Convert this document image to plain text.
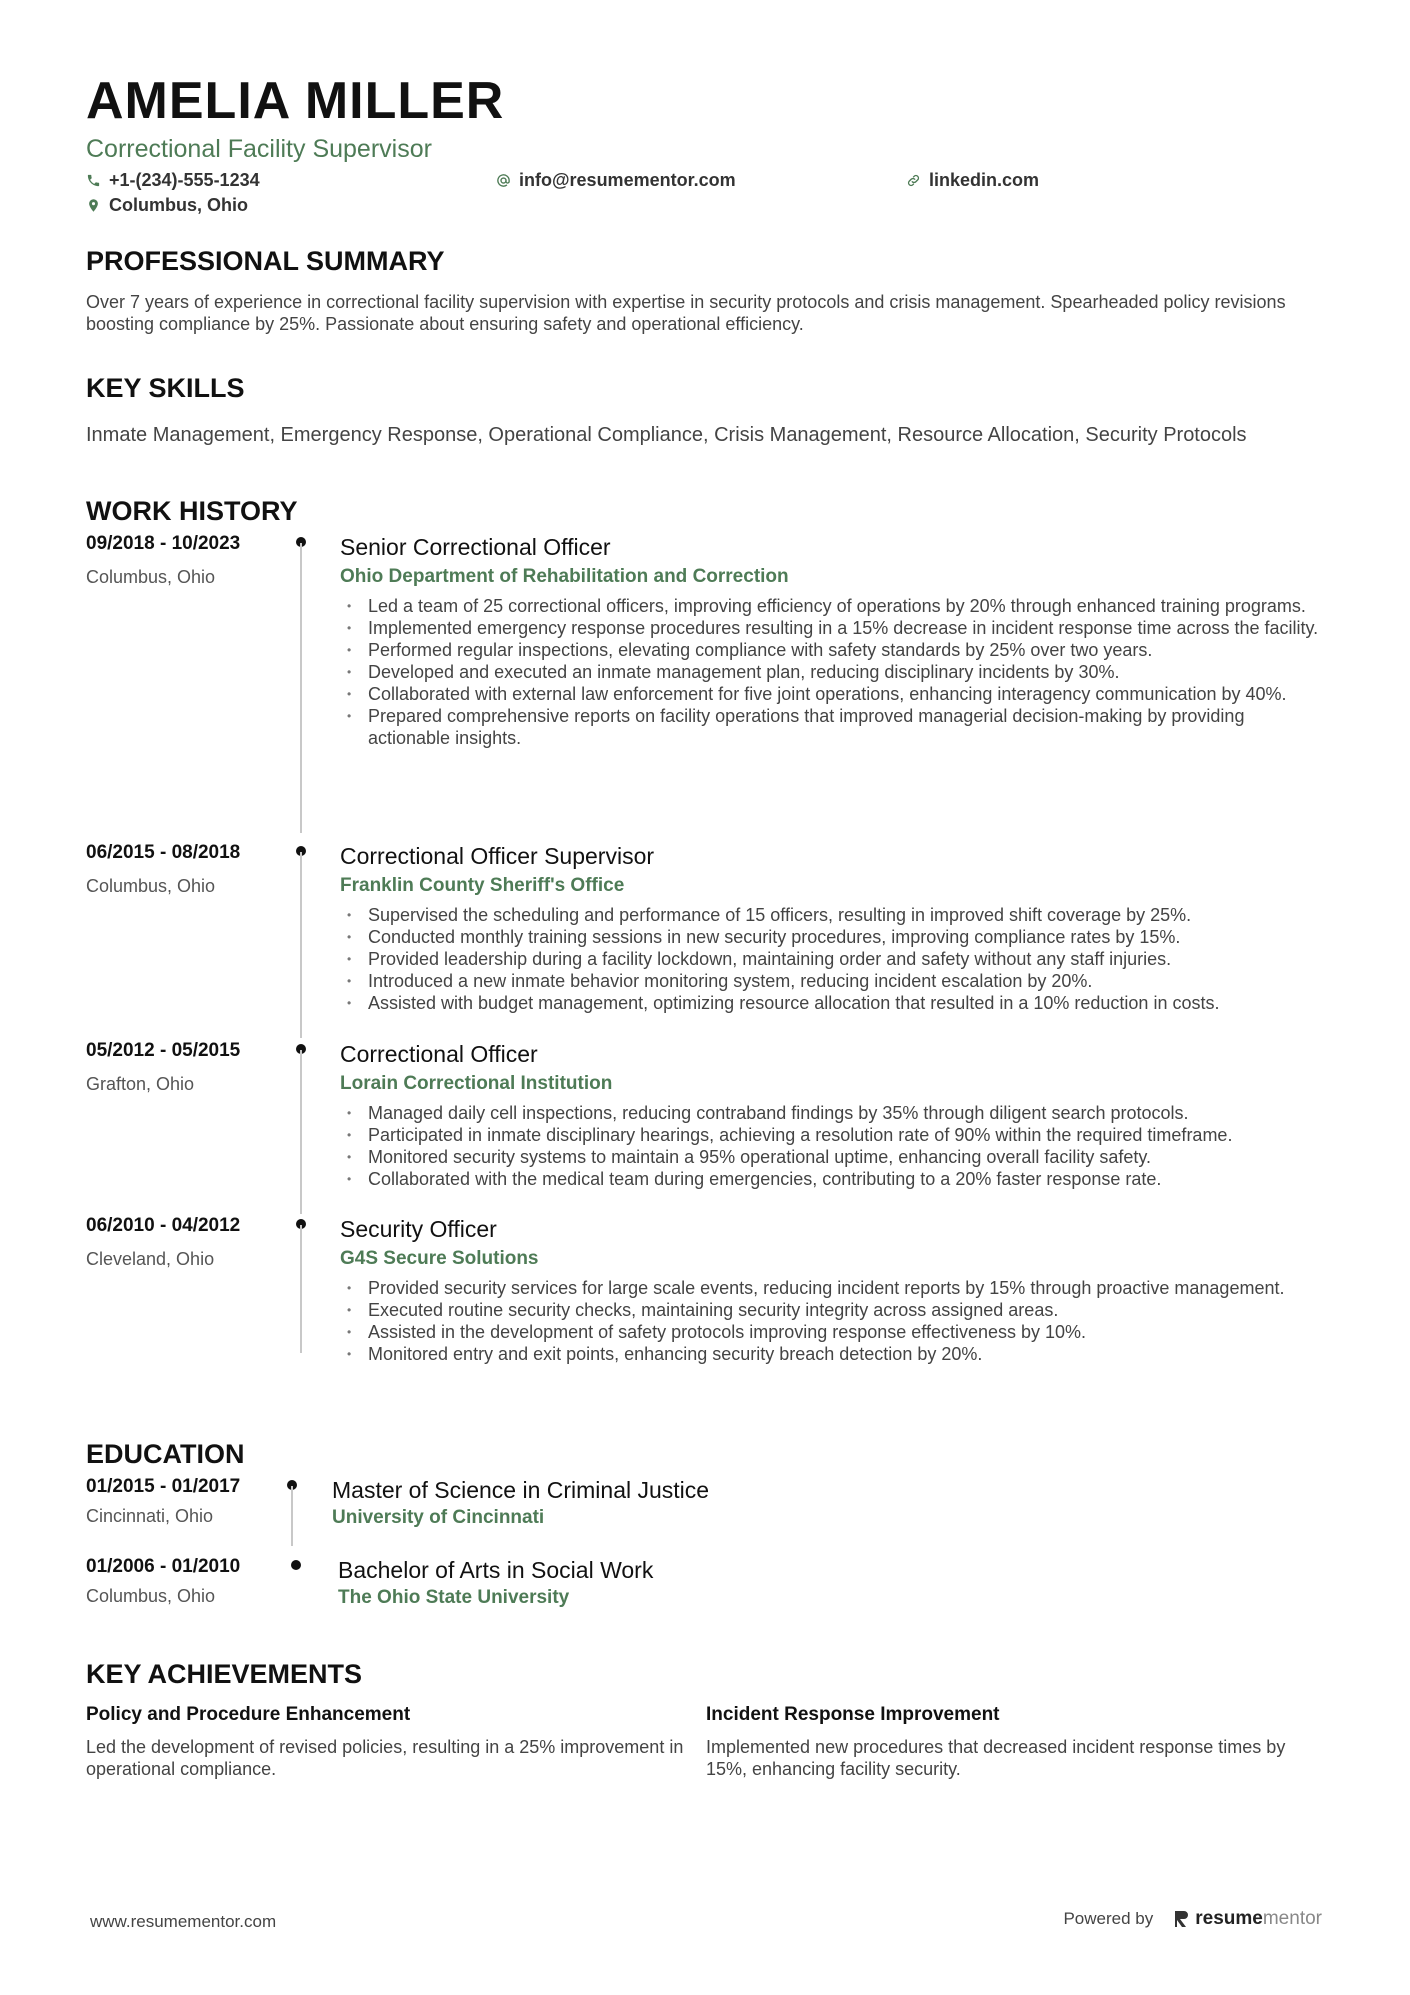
AMELIA MILLER
Correctional Facility Supervisor
+1-(234)-555-1234	info@resumementor.com	linkedin.com
Columbus, Ohio
PROFESSIONAL SUMMARY
Over 7 years of experience in correctional facility supervision with expertise in security protocols and crisis management. Spearheaded policy revisions boosting compliance by 25%. Passionate about ensuring safety and operational efficiency.
KEY SKILLS
Inmate Management, Emergency Response, Operational Compliance, Crisis Management, Resource Allocation, Security Protocols
WORK HISTORY
09/2018 - 10/2023
Columbus, Ohio
Senior Correctional Officer
Ohio Department of Rehabilitation and Correction
• Led a team of 25 correctional officers, improving efficiency of operations by 20% through enhanced training programs.
• Implemented emergency response procedures resulting in a 15% decrease in incident response time across the facility.
• Performed regular inspections, elevating compliance with safety standards by 25% over two years.
• Developed and executed an inmate management plan, reducing disciplinary incidents by 30%.
• Collaborated with external law enforcement for five joint operations, enhancing interagency communication by 40%.
• Prepared comprehensive reports on facility operations that improved managerial decision-making by providing actionable insights.
06/2015 - 08/2018
Columbus, Ohio
Correctional Officer Supervisor
Franklin County Sheriff's Office
• Supervised the scheduling and performance of 15 officers, resulting in improved shift coverage by 25%.
• Conducted monthly training sessions in new security procedures, improving compliance rates by 15%.
• Provided leadership during a facility lockdown, maintaining order and safety without any staff injuries.
• Introduced a new inmate behavior monitoring system, reducing incident escalation by 20%.
• Assisted with budget management, optimizing resource allocation that resulted in a 10% reduction in costs.
05/2012 - 05/2015
Grafton, Ohio
Correctional Officer
Lorain Correctional Institution
• Managed daily cell inspections, reducing contraband findings by 35% through diligent search protocols.
• Participated in inmate disciplinary hearings, achieving a resolution rate of 90% within the required timeframe.
• Monitored security systems to maintain a 95% operational uptime, enhancing overall facility safety.
• Collaborated with the medical team during emergencies, contributing to a 20% faster response rate.
06/2010 - 04/2012
Cleveland, Ohio
Security Officer
G4S Secure Solutions
• Provided security services for large scale events, reducing incident reports by 15% through proactive management.
• Executed routine security checks, maintaining security integrity across assigned areas.
• Assisted in the development of safety protocols improving response effectiveness by 10%.
• Monitored entry and exit points, enhancing security breach detection by 20%.
EDUCATION
01/2015 - 01/2017
Cincinnati, Ohio
Master of Science in Criminal Justice
University of Cincinnati
01/2006 - 01/2010
Columbus, Ohio
Bachelor of Arts in Social Work
The Ohio State University
KEY ACHIEVEMENTS
Policy and Procedure Enhancement
Led the development of revised policies, resulting in a 25% improvement in operational compliance.
Incident Response Improvement
Implemented new procedures that decreased incident response times by 15%, enhancing facility security.
www.resumementor.com	Powered by resume mentor
